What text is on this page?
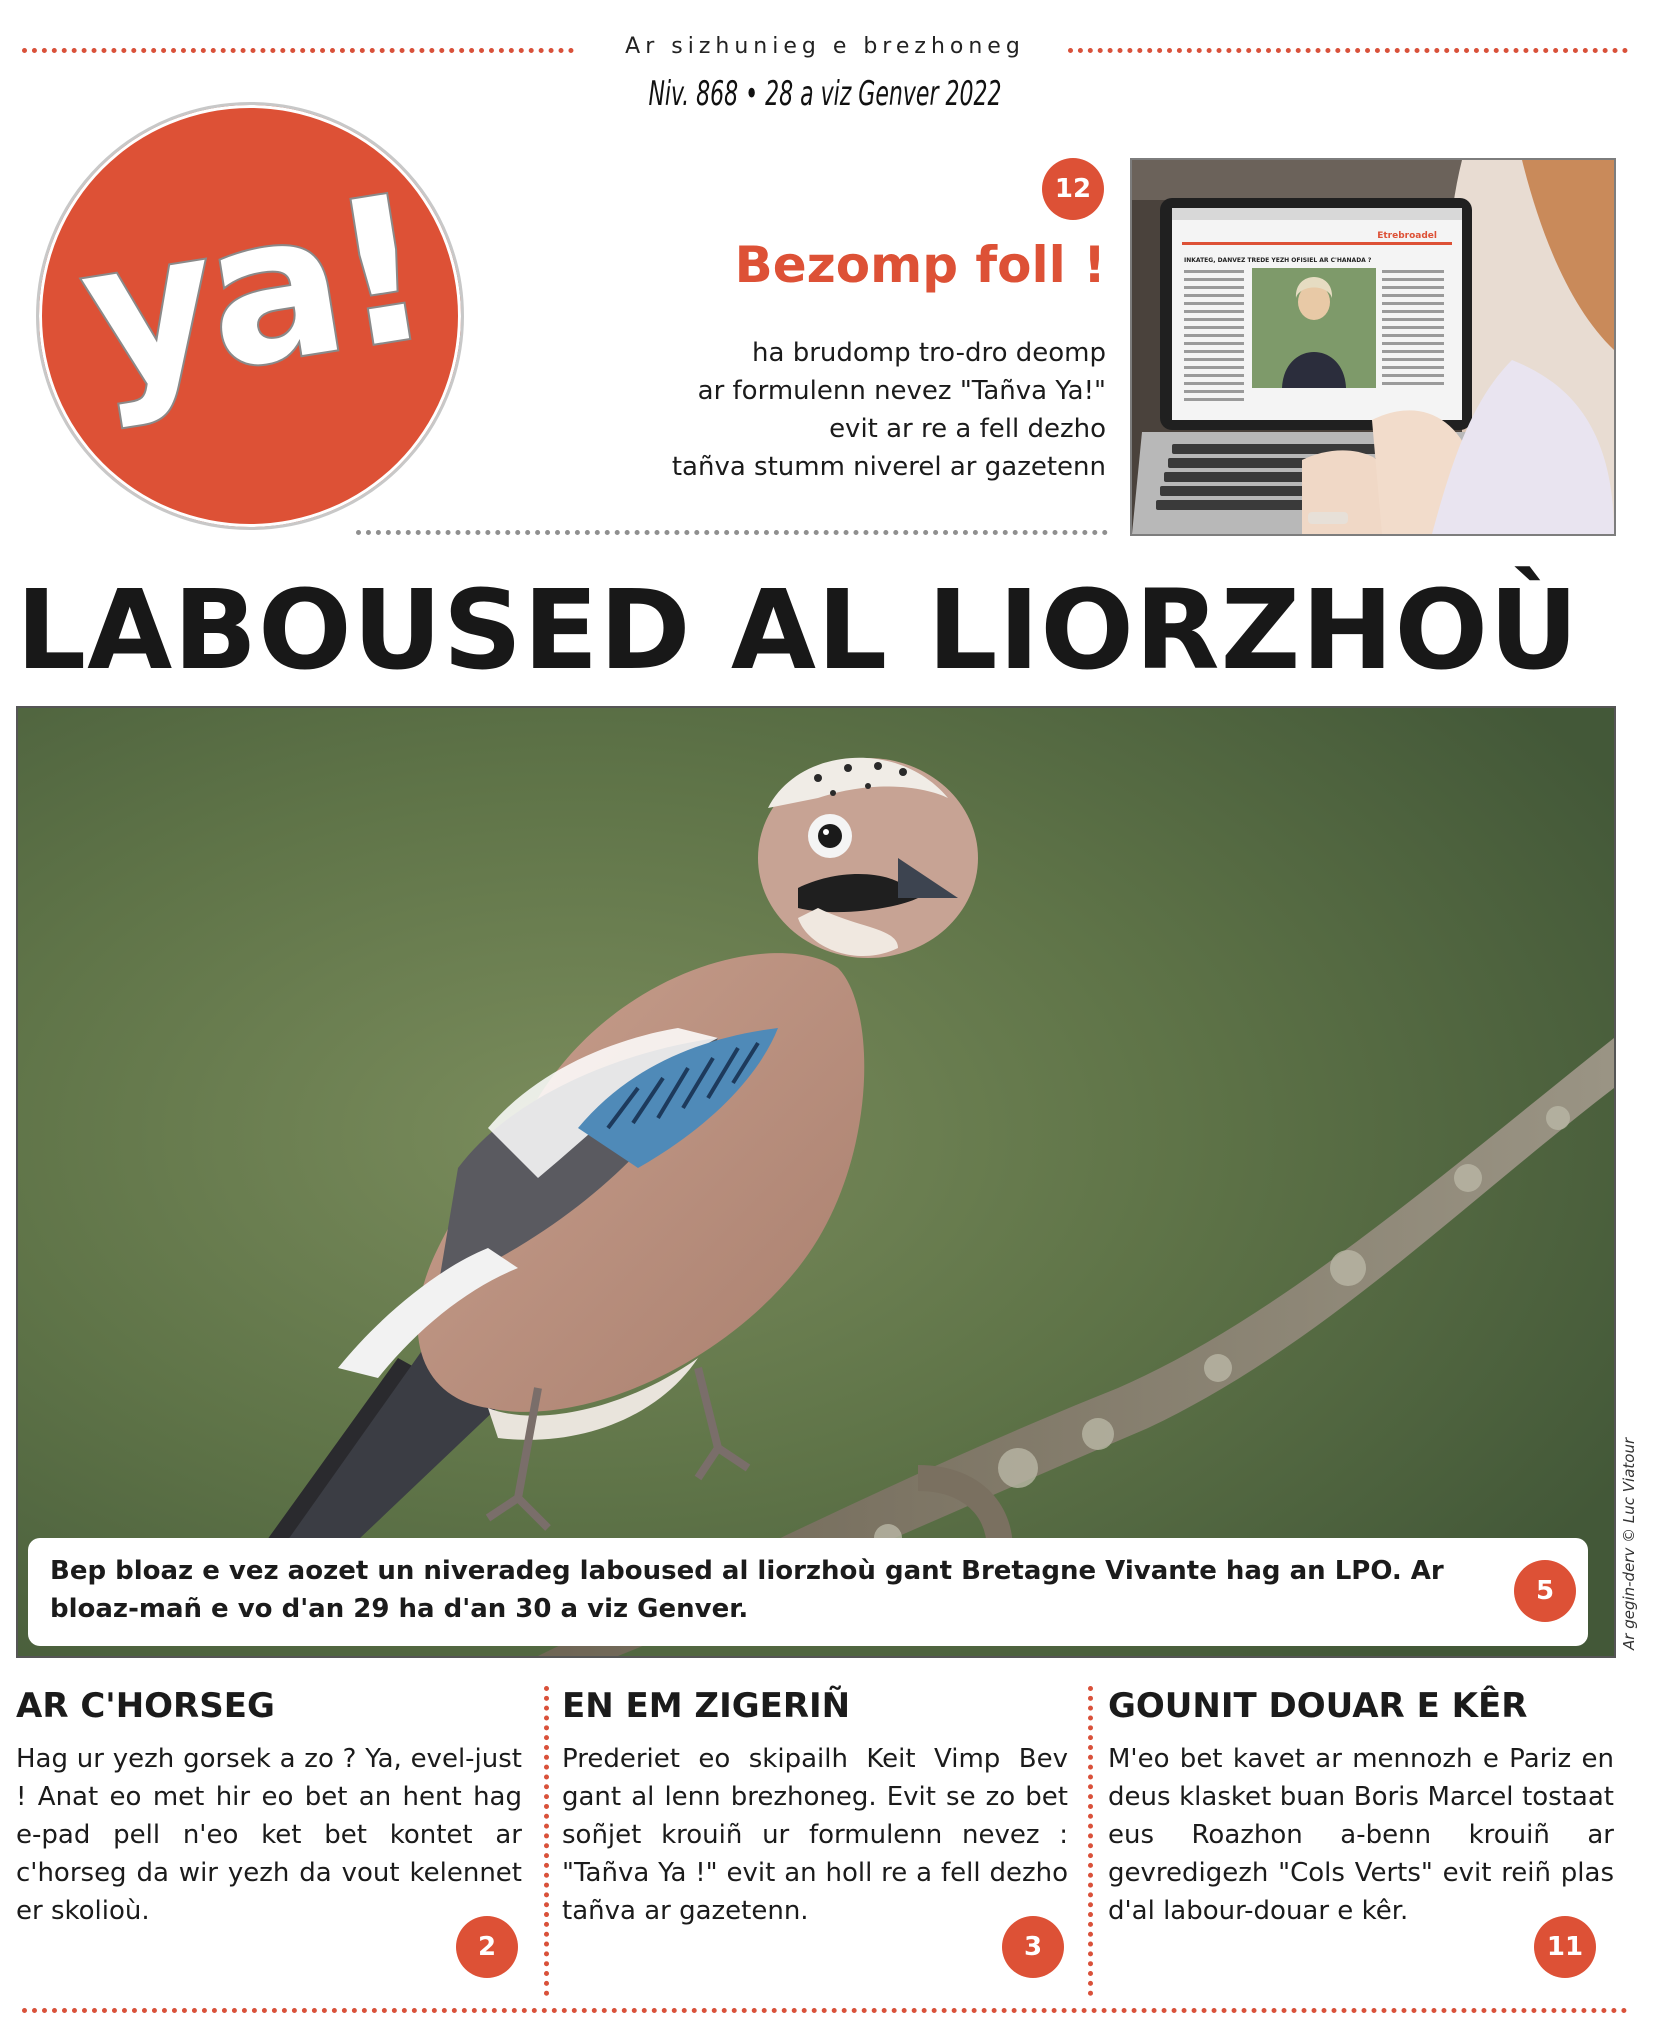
Ar sizhunieg e brezhoneg
Niv. 868 • 28 a viz Genver 2022
ya!	12
Bezomp foll !
ha brudomp tro-dro deomp
ar formulenn nevez "Tañva Ya!"
evit ar re a fell dezho
tañva stumm niverel ar gazetenn
Etrebroadel
INKATEG, DANVEZ TREDE YEZH OFISIEL AR C'HANADA ?
LABOUSED AL LIORZHOÙ
Bep bloaz e vez aozet un niveradeg laboused al liorzhoù gant Bretagne Vivante hag an LPO. Ar bloaz-mañ e vo d'an 29 ha d'an 30 a viz Genver.
5	Ar gegin-derv © Luc Viatour
AR C'HORSEG
Hag ur yezh gorsek a zo ? Ya, evel-just ! Anat eo met hir eo bet an hent hag e-pad pell n'eo ket bet kontet ar c'horseg da wir yezh da vout kelennet er skolioù.
2
EN EM ZIGERIÑ
Prederiet eo skipailh Keit Vimp Bev gant al lenn brezhoneg. Evit se zo bet soñjet krouiñ ur formulenn nevez : "Tañva Ya !" evit an holl re a fell dezho tañva ar gazetenn.
3
GOUNIT DOUAR E KÊR
M'eo bet kavet ar mennozh e Pariz en deus klasket buan Boris Marcel tostaat eus Roazhon a-benn krouiñ ar gevredigezh "Cols Verts" evit reiñ plas d'al labour-douar e kêr.
11
